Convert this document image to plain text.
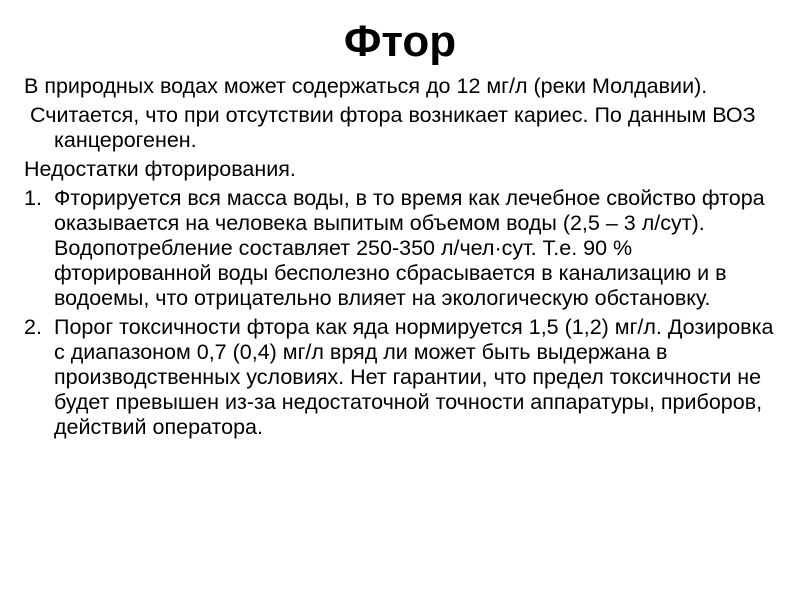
Фтор

В природных водах может содержаться до 12 мг/л (реки Молдавии).

Считается, что при отсутствии фтора возникает кариес. По данным ВОЗ канцерогенен.

Недостатки фторирования.

1. Фторируется вся масса воды, в то время как лечебное свойство фтора оказывается на человека выпитым объемом воды (2,5 – 3 л/сут). Водопотребление составляет 250-350 л/чел·сут. Т.е. 90 % фторированной воды бесполезно сбрасывается в канализацию и в водоемы, что отрицательно влияет на экологическую обстановку.
2. Порог токсичности фтора как яда нормируется 1,5 (1,2) мг/л. Дозировка с диапазоном 0,7 (0,4) мг/л вряд ли может быть выдержана в производственных условиях. Нет гарантии, что предел токсичности не будет превышен из-за недостаточной точности аппаратуры, приборов, действий оператора.
